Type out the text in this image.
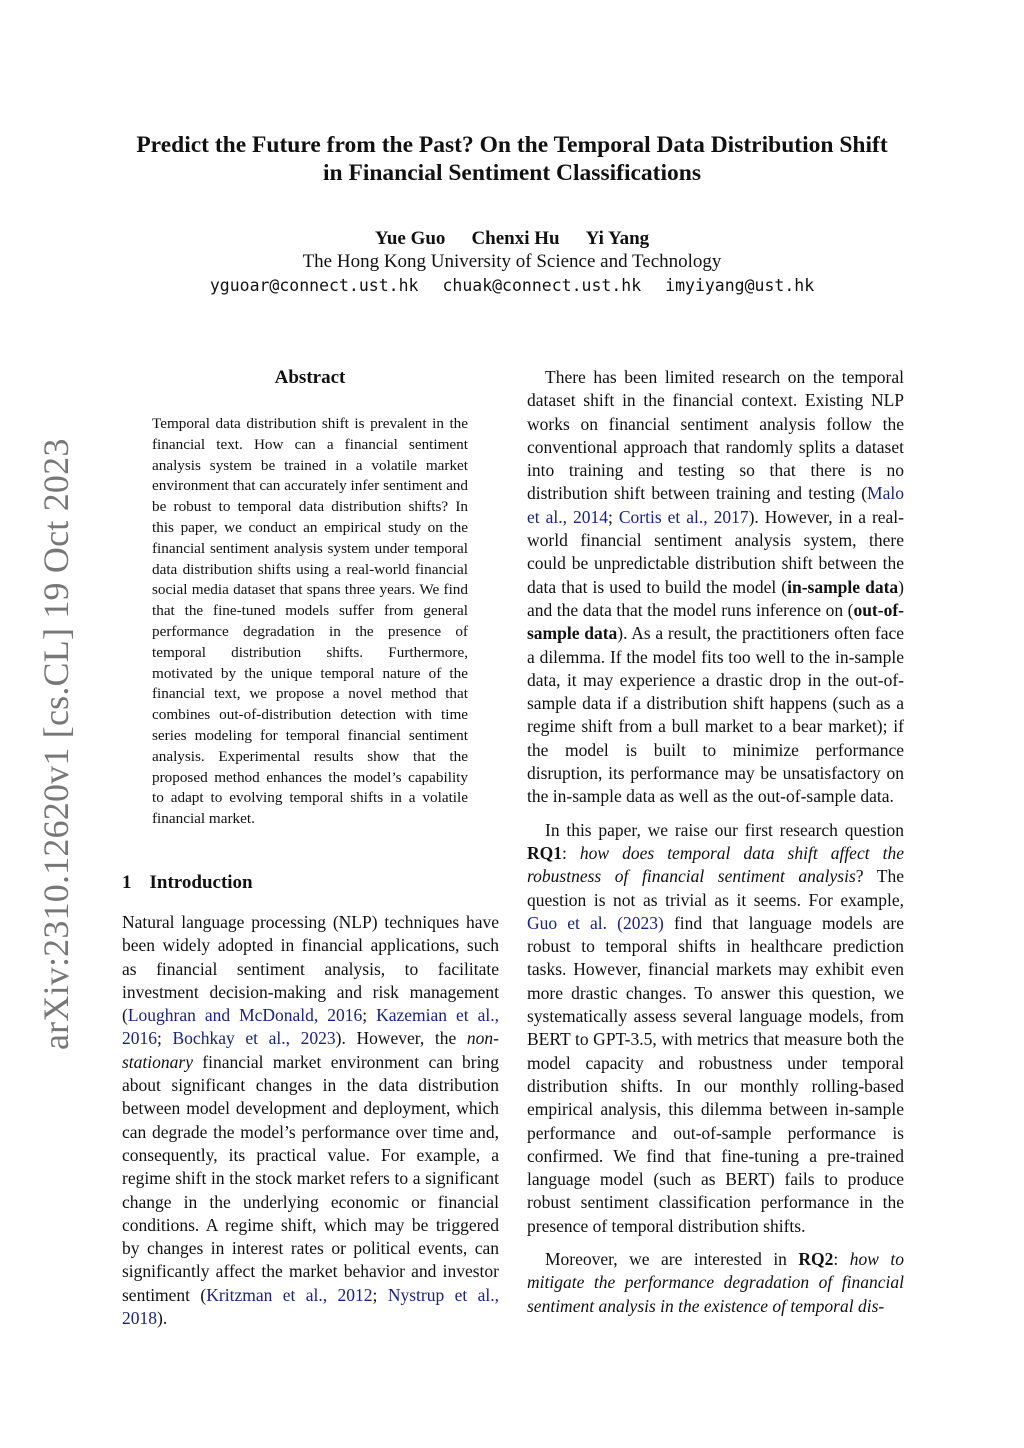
arXiv:2310.12620v1 [cs.CL] 19 Oct 2023
Predict the Future from the Past? On the Temporal Data Distribution Shift
in Financial Sentiment Classifications
Yue Guo Chenxi Hu Yi Yang
The Hong Kong University of Science and Technology
yguoar@connect.ust.hk chuak@connect.ust.hk imyiyang@ust.hk
Abstract
Temporal data distribution shift is prevalent in the financial text. How can a financial sentiment analysis system be trained in a volatile market environment that can accurately infer sentiment and be robust to temporal data distribution shifts? In this paper, we conduct an empirical study on the financial sentiment analysis system under temporal data distribution shifts using a real-world financial social media dataset that spans three years. We find that the fine-tuned models suffer from general performance degradation in the presence of temporal distribution shifts. Furthermore, motivated by the unique temporal nature of the financial text, we propose a novel method that combines out-of-distribution detection with time series modeling for temporal financial sentiment analysis. Experimental results show that the proposed method enhances the model’s capability to adapt to evolving temporal shifts in a volatile financial market.
1 Introduction

Natural language processing (NLP) techniques have been widely adopted in financial applications, such as financial sentiment analysis, to facilitate investment decision-making and risk management (Loughran and McDonald, 2016; Kazemian et al., 2016; Bochkay et al., 2023). However, the non-stationary financial market environment can bring about significant changes in the data distribution between model development and deployment, which can degrade the model’s performance over time and, consequently, its practical value. For example, a regime shift in the stock market refers to a significant change in the underlying economic or financial conditions. A regime shift, which may be triggered by changes in interest rates or political events, can significantly affect the market behavior and investor sentiment (Kritzman et al., 2012; Nystrup et al., 2018).

There has been limited research on the temporal dataset shift in the financial context. Existing NLP works on financial sentiment analysis follow the conventional approach that randomly splits a dataset into training and testing so that there is no distribution shift between training and testing (Malo et al., 2014; Cortis et al., 2017). However, in a real-world financial sentiment analysis system, there could be unpredictable distribution shift between the data that is used to build the model (in-sample data) and the data that the model runs inference on (out-of-sample data). As a result, the practitioners often face a dilemma. If the model fits too well to the in-sample data, it may experience a drastic drop in the out-of-sample data if a distribution shift happens (such as a regime shift from a bull market to a bear market); if the model is built to minimize performance disruption, its performance may be unsatisfactory on the in-sample data as well as the out-of-sample data.

In this paper, we raise our first research question RQ1: how does temporal data shift affect the robustness of financial sentiment analysis? The question is not as trivial as it seems. For example, Guo et al. (2023) find that language models are robust to temporal shifts in healthcare prediction tasks. However, financial markets may exhibit even more drastic changes. To answer this question, we systematically assess several language models, from BERT to GPT-3.5, with metrics that measure both the model capacity and robustness under temporal distribution shifts. In our monthly rolling-based empirical analysis, this dilemma between in-sample performance and out-of-sample performance is confirmed. We find that fine-tuning a pre-trained language model (such as BERT) fails to produce robust sentiment classification performance in the presence of temporal distribution shifts.

Moreover, we are interested in RQ2: how to mitigate the performance degradation of financial sentiment analysis in the existence of temporal dis-
